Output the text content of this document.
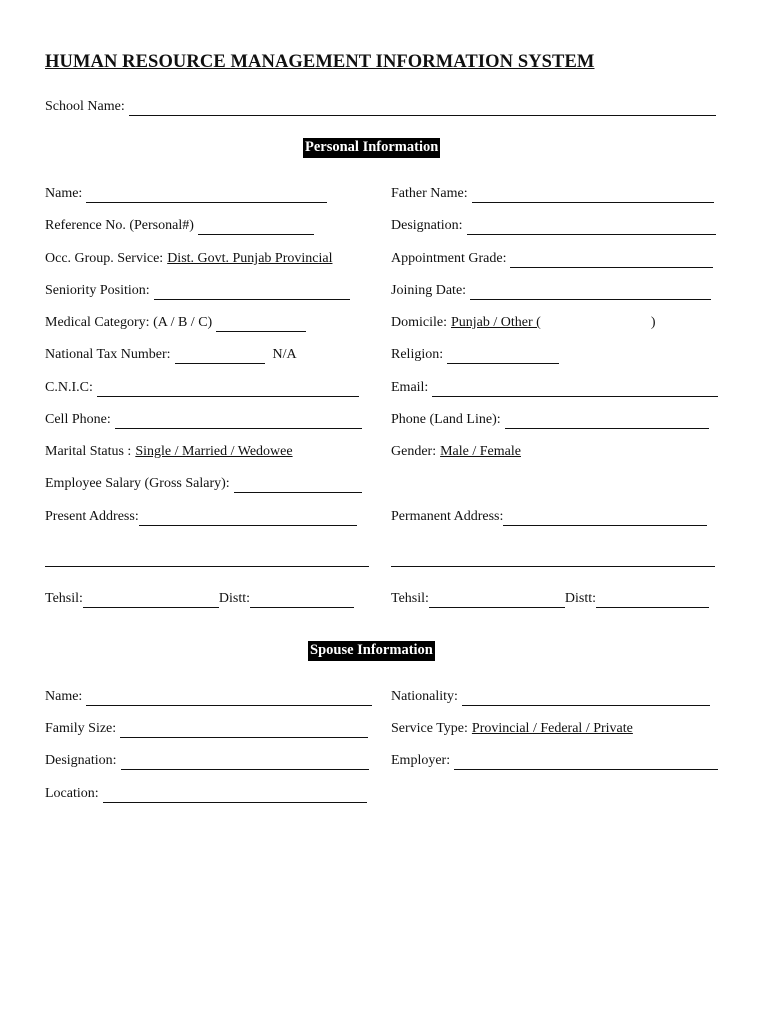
HUMAN RESOURCE MANAGEMENT INFORMATION SYSTEM
School Name:
Personal Information
Name:
Reference No. (Personal#)
Occ. Group. Service: Dist. Govt. Punjab Provincial
Seniority Position:
Medical Category: (A / B / C)
National Tax Number:	N/A
C.N.I.C:
Cell Phone:
Marital Status : Single / Married / Wedowee
Employee Salary (Gross Salary):
Present Address:
Tehsil:	Distt:
Father Name:
Designation:
Appointment Grade:
Joining Date:
Domicile: Punjab / Other (	)
Religion:
Email:
Phone (Land Line):
Gender: Male / Female
Permanent Address:
Tehsil:	Distt:
Spouse Information
Name:
Family Size:
Designation:
Location:
Nationality:
Service Type: Provincial / Federal / Private
Employer:
